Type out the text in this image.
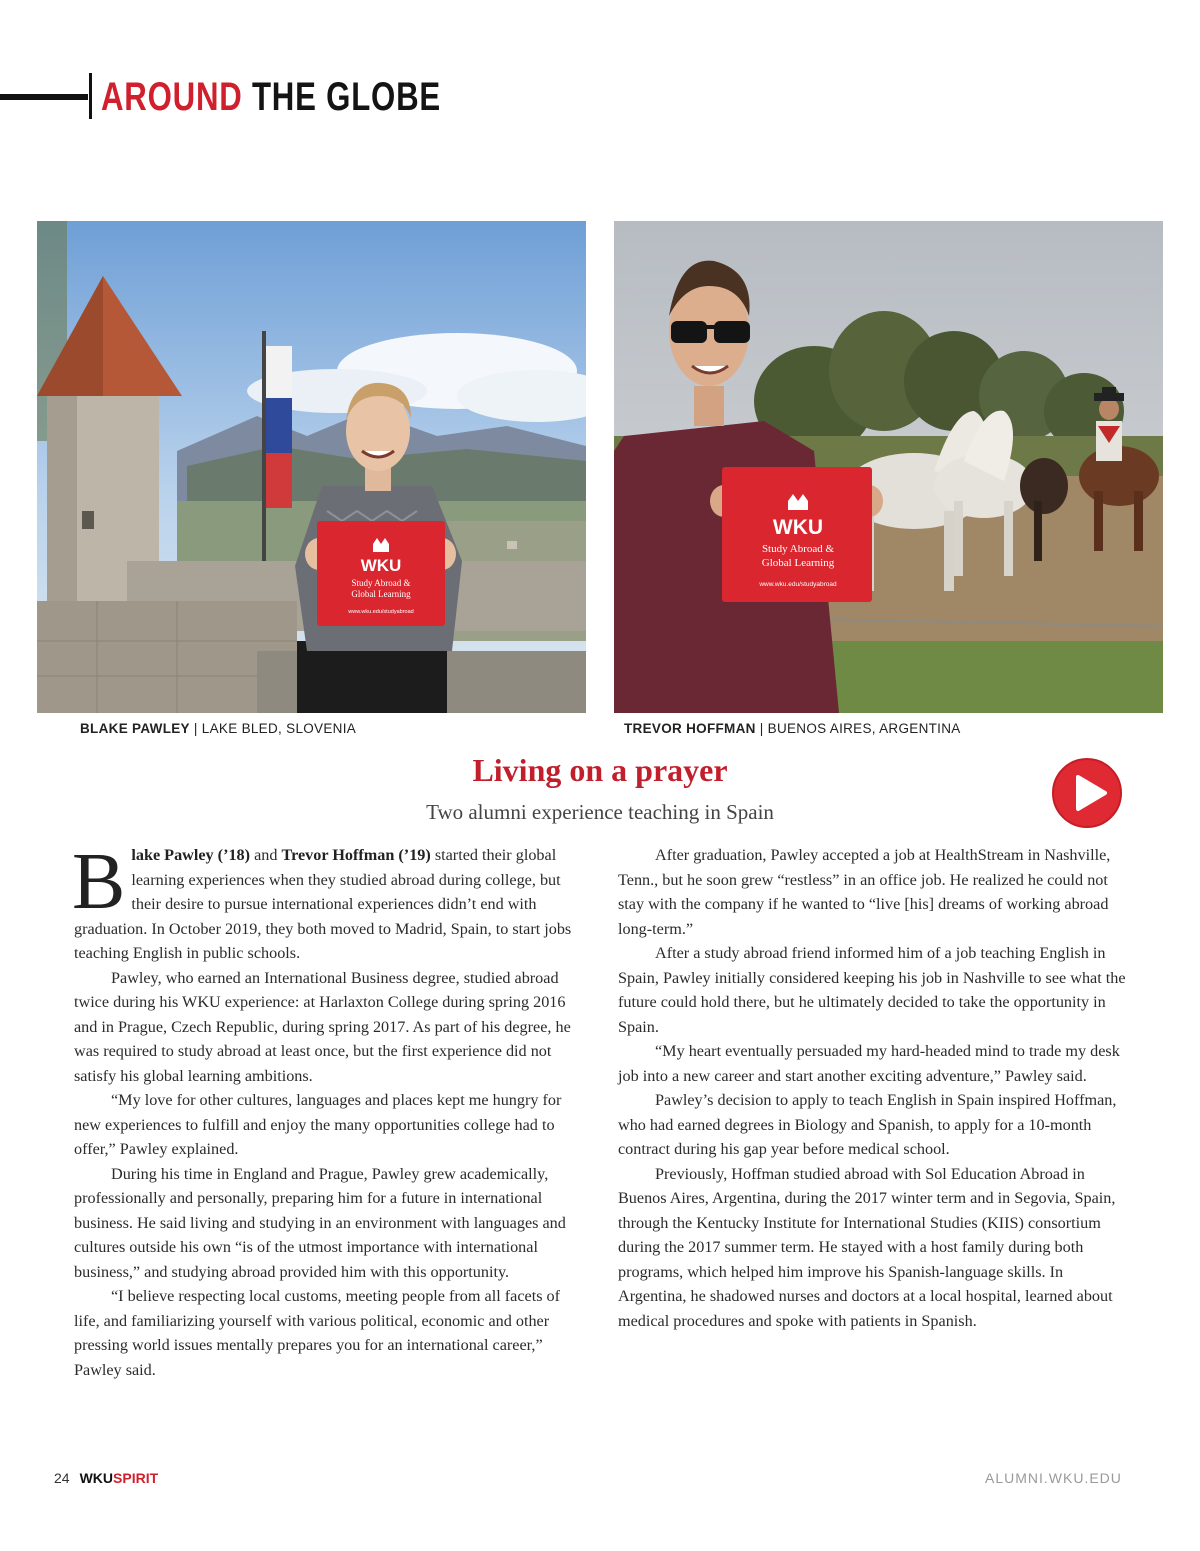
AROUND THE GLOBE
WKU
Study Abroad &
Global Learning
www.wku.edu/studyabroad
WKU
Study Abroad &
Global Learning
www.wku.edu/studyabroad
BLAKE PAWLEY | LAKE BLED, SLOVENIA	TREVOR HOFFMAN | BUENOS AIRES, ARGENTINA
Living on a prayer
Two alumni experience teaching in Spain

Blake Pawley (’18) and Trevor Hoffman (’19) started their global learning experiences when they studied abroad during college, but their desire to pursue international experiences didn’t end with graduation. In October 2019, they both moved to Madrid, Spain, to start jobs teaching English in public schools.

Pawley, who earned an International Business degree, studied abroad twice during his WKU experience: at Harlaxton College during spring 2016 and in Prague, Czech Republic, during spring 2017. As part of his degree, he was required to study abroad at least once, but the first experience did not satisfy his global learning ambitions.

“My love for other cultures, languages and places kept me hungry for new experiences to fulfill and enjoy the many opportunities college had to offer,” Pawley explained.

During his time in England and Prague, Pawley grew academically, professionally and personally, preparing him for a future in international business. He said living and studying in an environment with languages and cultures outside his own “is of the utmost importance with international business,” and studying abroad provided him with this opportunity.

“I believe respecting local customs, meeting people from all facets of life, and familiarizing yourself with various political, economic and other pressing world issues mentally prepares you for an international career,” Pawley said.

After graduation, Pawley accepted a job at HealthStream in Nashville, Tenn., but he soon grew “restless” in an office job. He realized he could not stay with the company if he wanted to “live [his] dreams of working abroad long-term.”

After a study abroad friend informed him of a job teaching English in Spain, Pawley initially considered keeping his job in Nashville to see what the future could hold there, but he ultimately decided to take the opportunity in Spain.

“My heart eventually persuaded my hard-headed mind to trade my desk job into a new career and start another exciting adventure,” Pawley said.

Pawley’s decision to apply to teach English in Spain inspired Hoffman, who had earned degrees in Biology and Spanish, to apply for a 10-month contract during his gap year before medical school.

Previously, Hoffman studied abroad with Sol Education Abroad in Buenos Aires, Argentina, during the 2017 winter term and in Segovia, Spain, through the Kentucky Institute for International Studies (KIIS) consortium during the 2017 summer term. He stayed with a host family during both programs, which helped him improve his Spanish-language skills. In Argentina, he shadowed nurses and doctors at a local hospital, learned about medical procedures and spoke with patients in Spanish.

24 WKUSPIRIT	ALUMNI.WKU.EDU
